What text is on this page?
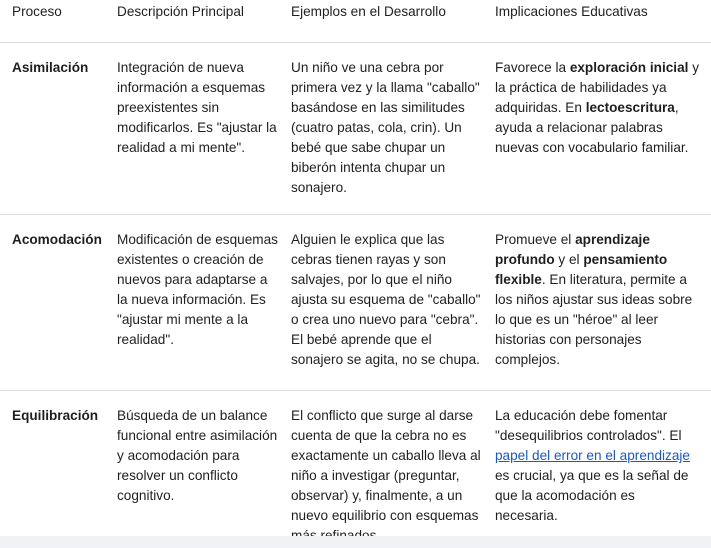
Proceso	Descripción Principal	Ejemplos en el Desarrollo	Implicaciones Educativas

Asimilación	Integración de nueva información a esquemas preexistentes sin modificarlos. Es "ajustar la realidad a mi mente".	Un niño ve una cebra por primera vez y la llama "caballo" basándose en las similitudes (cuatro patas, cola, crin). Un bebé que sabe chupar un biberón intenta chupar un sonajero.	Favorece la exploración inicial y la práctica de habilidades ya adquiridas. En lectoescritura, ayuda a relacionar palabras nuevas con vocabulario familiar.

Acomodación	Modificación de esquemas existentes o creación de nuevos para adaptarse a la nueva información. Es "ajustar mi mente a la realidad".	Alguien le explica que las cebras tienen rayas y son salvajes, por lo que el niño ajusta su esquema de "caballo" o crea uno nuevo para "cebra". El bebé aprende que el sonajero se agita, no se chupa.	Promueve el aprendizaje profundo y el pensamiento flexible. En literatura, permite a los niños ajustar sus ideas sobre lo que es un "héroe" al leer historias con personajes complejos.

Equilibración	Búsqueda de un balance funcional entre asimilación y acomodación para resolver un conflicto cognitivo.	El conflicto que surge al darse cuenta de que la cebra no es exactamente un caballo lleva al niño a investigar (preguntar, observar) y, finalmente, a un nuevo equilibrio con esquemas	La educación debe fomentar "desequilibrios controlados". El papel del error en el aprendizaje es crucial, ya que es la señal de que la acomodación es necesaria.
